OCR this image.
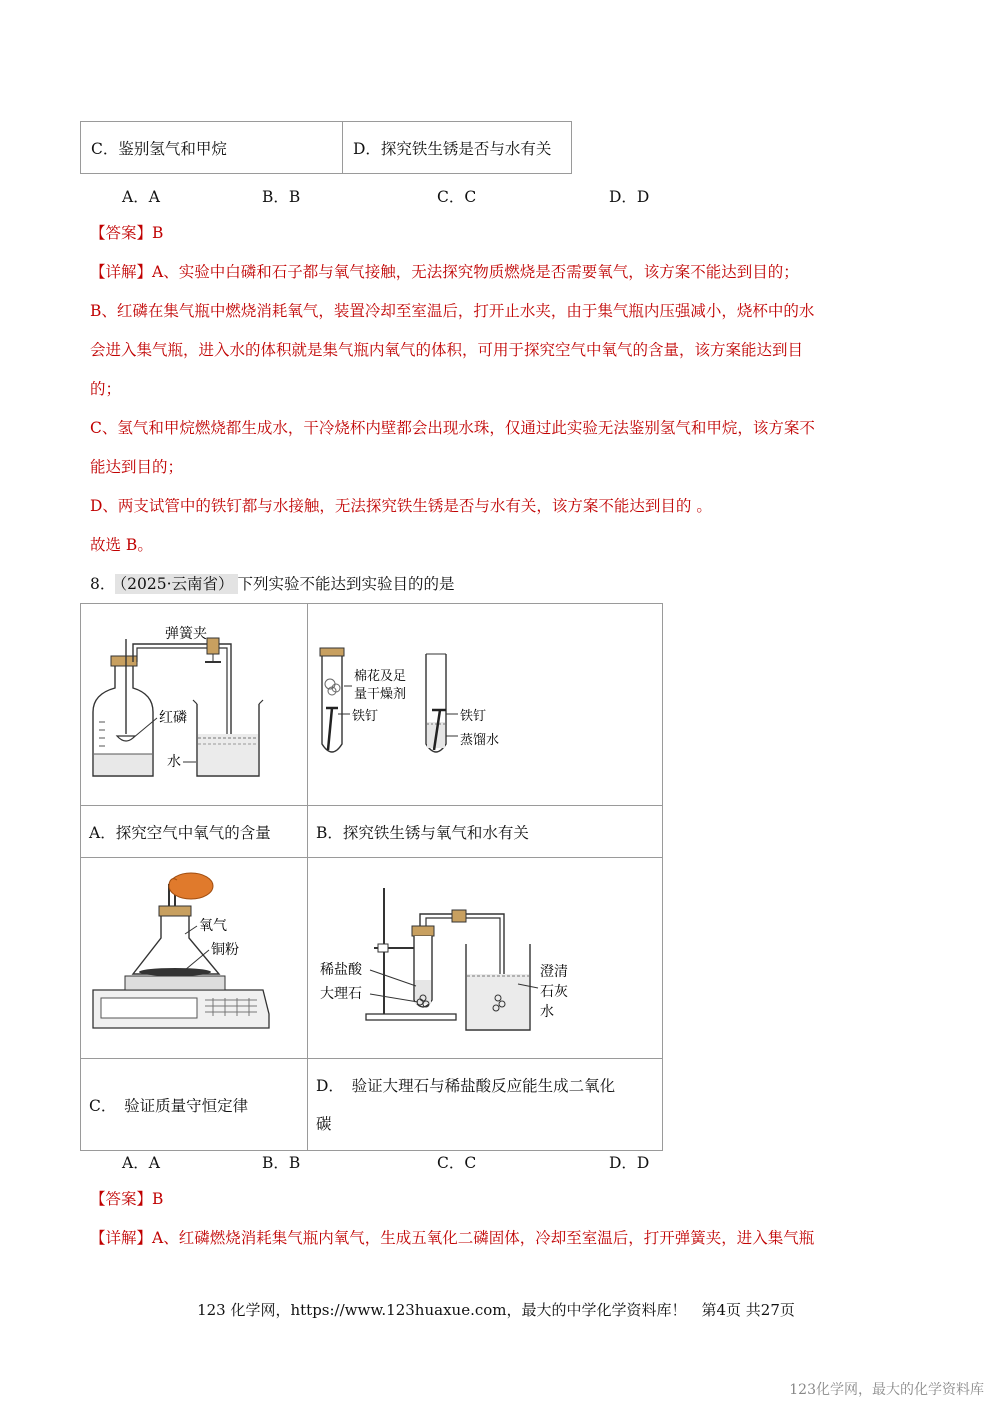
C．鉴别氢气和甲烷	D．探究铁生锈是否与水有关
A．A	B．B	C．C	D．D
【答案】B
【详解】A、实验中白磷和石子都与氧气接触，无法探究物质燃烧是否需要氧气，该方案不能达到目的；
B、红磷在集气瓶中燃烧消耗氧气，装置冷却至室温后，打开止水夹，由于集气瓶内压强减小，烧杯中的水
会进入集气瓶，进入水的体积就是集气瓶内氧气的体积，可用于探究空气中氧气的含量，该方案能达到目
的；
C、氢气和甲烷燃烧都生成水，干冷烧杯内壁都会出现水珠，仅通过此实验无法鉴别氢气和甲烷，该方案不
能达到目的；
D、两支试管中的铁钉都与水接触，无法探究铁生锈是否与水有关，该方案不能达到目的 。
故选 B。
8． （2025·云南省） 下列实验不能达到实验目的的是
弹簧夹
红磷
水	棉花及足
量干燥剂
铁钉 铁钉
蒸馏水

A．探究空气中氧气的含量	B．探究铁生锈与氧气和水有关

氧气
铜粉	稀盐酸
大理石
澄清
石灰
水

C．　验证质量守恒定律	D．　验证大理石与稀盐酸反应能生成二氧化
碳
A．A	B．B	C．C	D．D
【答案】B
【详解】A、红磷燃烧消耗集气瓶内氧气，生成五氧化二磷固体，冷却至室温后，打开弹簧夹，进入集气瓶
123 化学网，https://www.123huaxue.com，最大的中学化学资料库！　第4页 共27页
123化学网，最大的化学资料库
